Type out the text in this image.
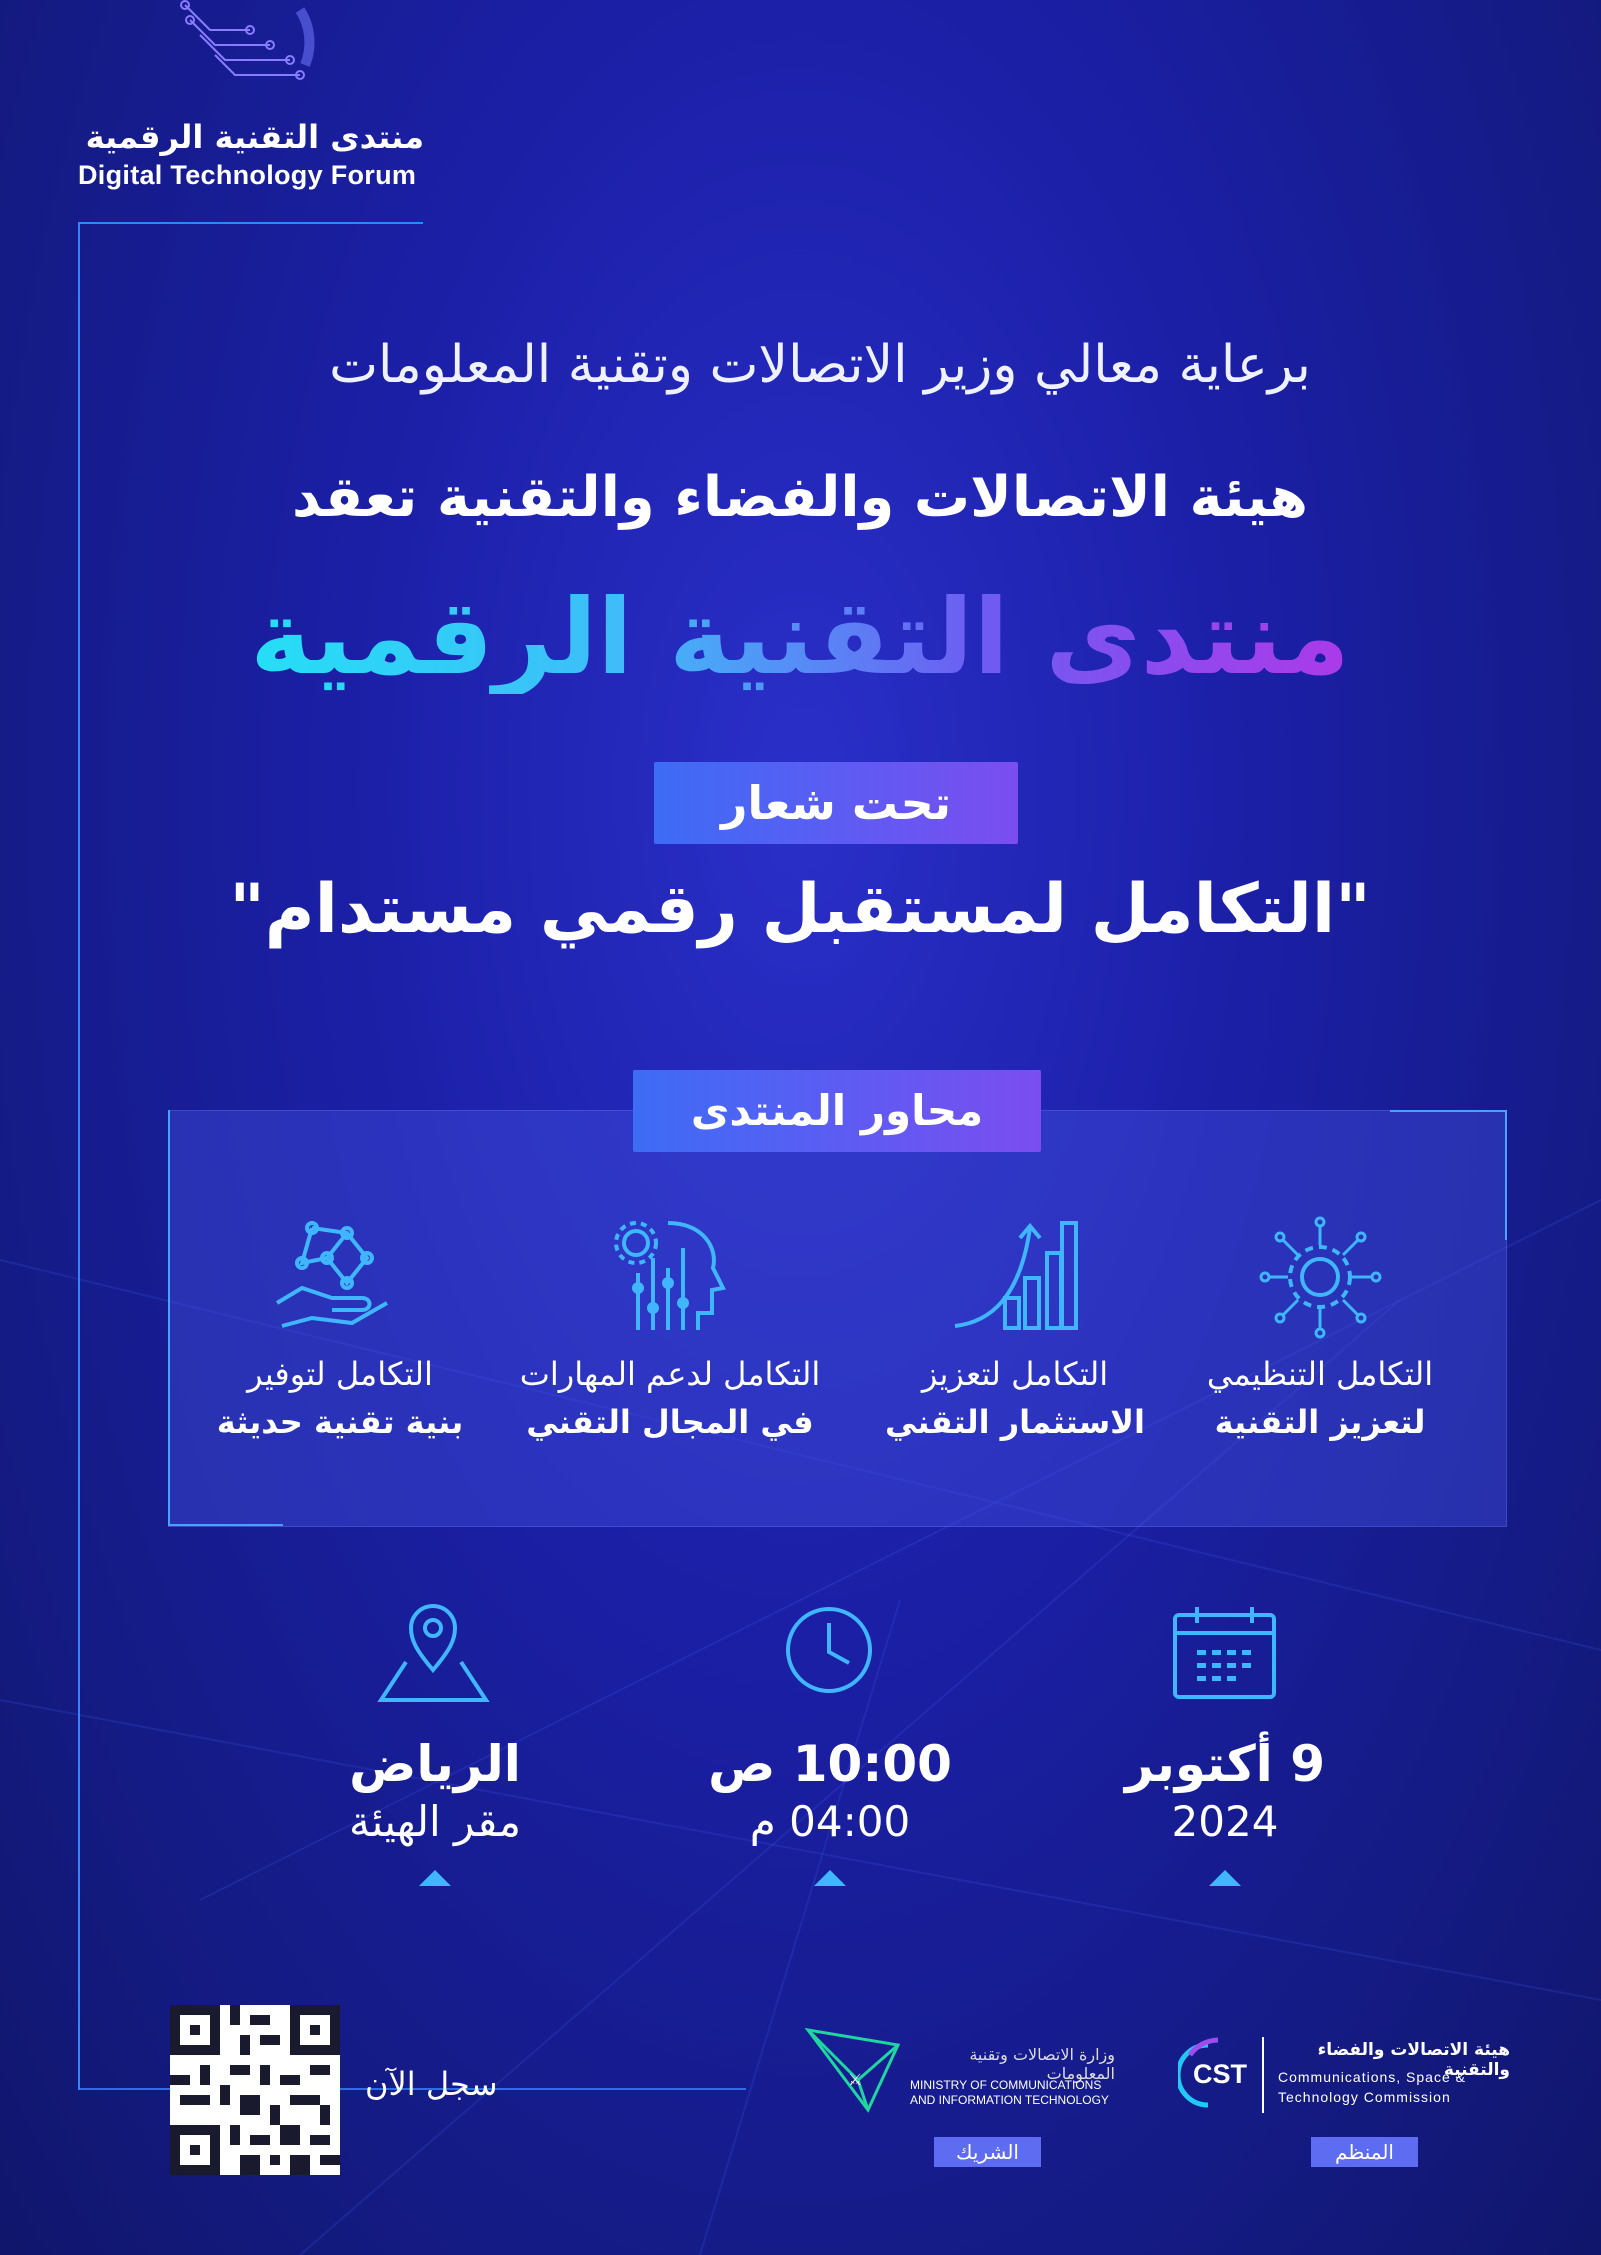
منتدى التقنية الرقمية
Digital Technology Forum
برعاية معالي وزير الاتصالات وتقنية المعلومات
هيئة الاتصالات والفضاء والتقنية تعقد
منتدى التقنية الرقمية
تحت شعار
"التكامل لمستقبل رقمي مستدام"
محاور المنتدى
التكامل التنظيمي
لتعزيز التقنية
التكامل لتعزيز
الاستثمار التقني
التكامل لدعم المهارات
في المجال التقني
التكامل لتوفير
بنية تقنية حديثة
9 أكتوبر
2024
10:00 ص
04:00 م
الرياض
مقر الهيئة
سجل الآن	⚔
وزارة الاتصالات وتقنية المعلومات
MINISTRY OF COMMUNICATIONS
AND INFORMATION TECHNOLOGY
الشريك
CST
هيئة الاتصالات والفضاء والتقنية
Communications, Space &
Technology Commission
المنظم
